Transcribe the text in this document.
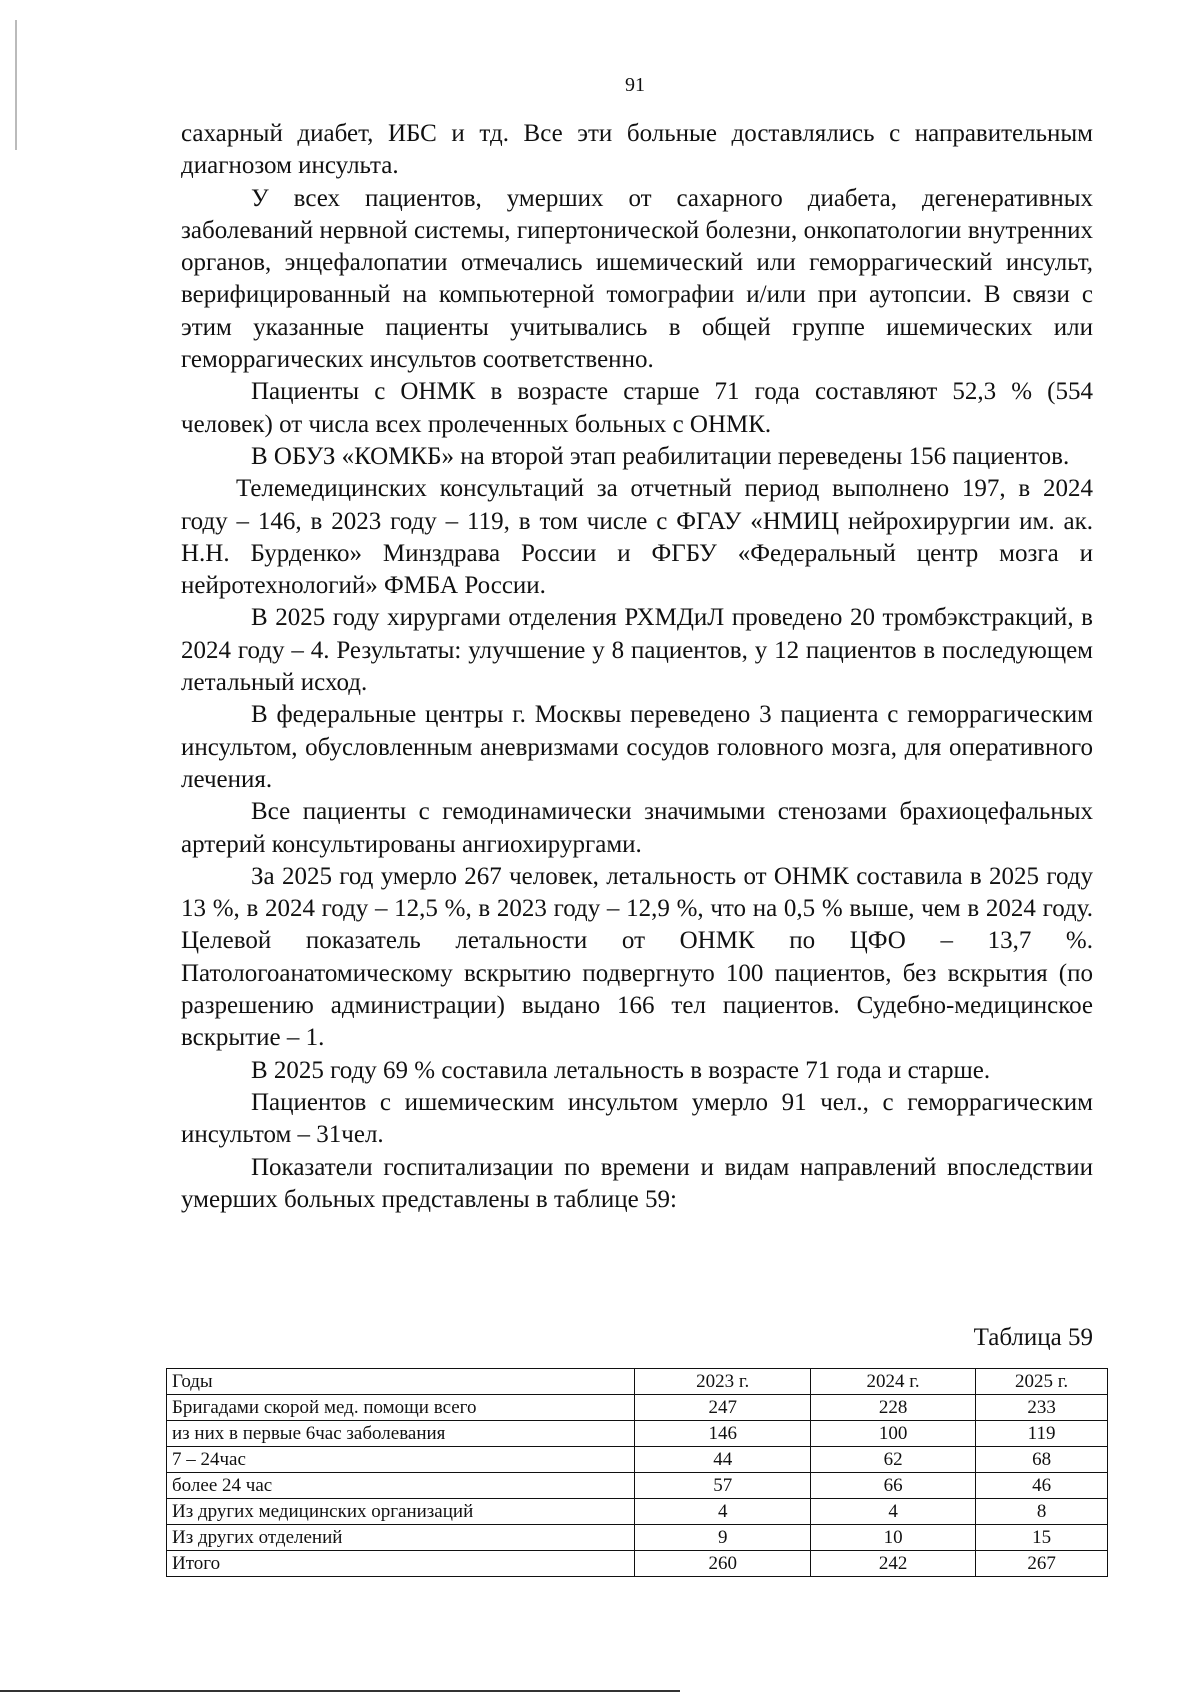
91

сахарный диабет, ИБС и тд. Все эти больные доставлялись с направительным диагнозом инсульта.

У всех пациентов, умерших от сахарного диабета, дегенеративных заболеваний нервной системы, гипертонической болезни, онкопатологии внутренних органов, энцефалопатии отмечались ишемический или геморрагический инсульт, верифицированный на компьютерной томографии и/или при аутопсии. В связи с этим указанные пациенты учитывались в общей группе ишемических или геморрагических инсультов соответственно.

Пациенты с ОНМК в возрасте старше 71 года составляют 52,3 % (554 человек) от числа всех пролеченных больных с ОНМК.

В ОБУЗ «КОМКБ» на второй этап реабилитации переведены 156 пациентов.

Телемедицинских консультаций за отчетный период выполнено 197, в 2024 году – 146, в 2023 году – 119, в том числе с ФГАУ «НМИЦ нейрохирургии им. ак. Н.Н. Бурденко» Минздрава России и ФГБУ «Федеральный центр мозга и нейротехнологий» ФМБА России.

В 2025 году хирургами отделения РХМДиЛ проведено 20 тромбэкстракций, в 2024 году – 4. Результаты: улучшение у 8 пациентов, у 12 пациентов в последующем летальный исход.

В федеральные центры г. Москвы переведено 3 пациента с геморрагическим инсультом, обусловленным аневризмами сосудов головного мозга, для оперативного лечения.

Все пациенты с гемодинамически значимыми стенозами брахиоцефальных артерий консультированы ангиохирургами.

За 2025 год умерло 267 человек, летальность от ОНМК составила в 2025 году 13 %, в 2024 году – 12,5 %, в 2023 году – 12,9 %, что на 0,5 % выше, чем в 2024 году. Целевой показатель летальности от ОНМК по ЦФО – 13,7 %. Патологоанатомическому вскрытию подвергнуто 100 пациентов, без вскрытия (по разрешению администрации) выдано 166 тел пациентов. Судебно-медицинское вскрытие – 1.

В 2025 году 69 % составила летальность в возрасте 71 года и старше.

Пациентов с ишемическим инсультом умерло 91 чел., с геморрагическим инсультом – 31чел.

Показатели госпитализации по времени и видам направлений впоследствии умерших больных представлены в таблице 59:

Таблица 59
Годы	2023 г.	2024 г.	2025 г.
Бригадами скорой мед. помощи всего	247	228	233
из них в первые 6час заболевания	146	100	119
7 – 24час	44	62	68
более 24 час	57	66	46
Из других медицинских организаций	4	4	8
Из других отделений	9	10	15
Итого	260	242	267
